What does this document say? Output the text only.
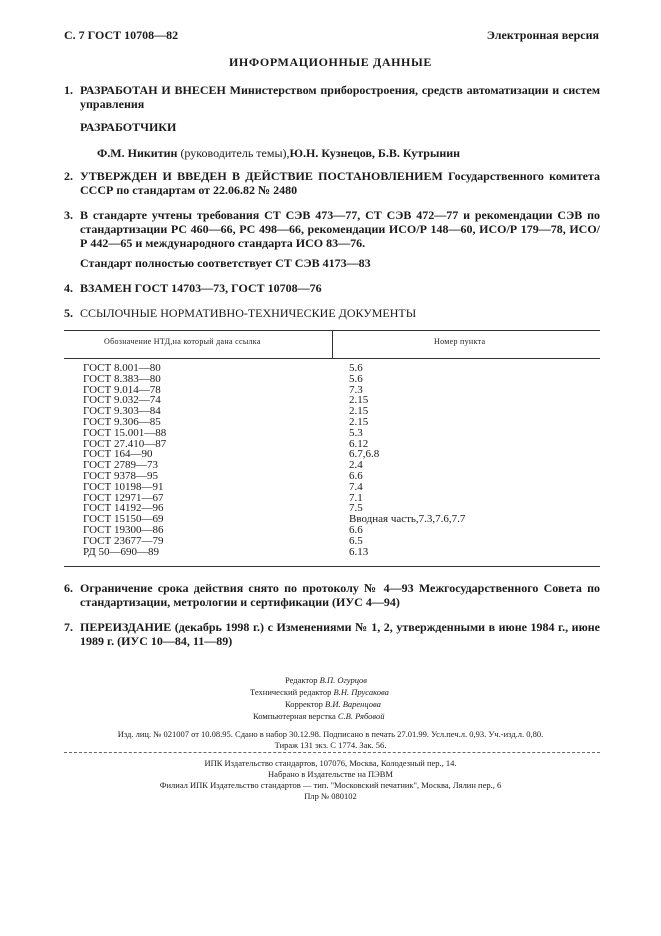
С. 7 ГОСТ 10708—82	Электронная версия
ИНФОРМАЦИОННЫЕ ДАННЫЕ
1. РАЗРАБОТАН И ВНЕСЕН Министерством приборостроения, средств автоматизации и систем управления
РАЗРАБОТЧИКИ
Ф.М. Никитин (руководитель темы),Ю.Н. Кузнецов, Б.В. Кутрынин
2. УТВЕРЖДЕН И ВВЕДЕН В ДЕЙСТВИЕ ПОСТАНОВЛЕНИЕМ Государственного комитета СССР по стандартам от 22.06.82 № 2480
3. В стандарте учтены требования СТ СЭВ 473—77, СТ СЭВ 472—77 и рекомендации СЭВ по стандартизации РС 460—66, РС 498—66, рекомендации ИСО/Р 148—60, ИСО/Р 179—78, ИСО/Р 442—65 и международного стандарта ИСО 83—76.
Стандарт полностью соответствует СТ СЭВ 4173—83
4. ВЗАМЕН ГОСТ 14703—73, ГОСТ 10708—76
5. ССЫЛОЧНЫЕ НОРМАТИВНО-ТЕХНИЧЕСКИЕ ДОКУМЕНТЫ
Обозначение НТД,на который дана ссылка	Номер пункта
ГОСТ 8.001—80
ГОСТ 8.383—80
ГОСТ 9.014—78
ГОСТ 9.032—74
ГОСТ 9.303—84
ГОСТ 9.306—85
ГОСТ 15.001—88
ГОСТ 27.410—87
ГОСТ 164—90
ГОСТ 2789—73
ГОСТ 9378—95
ГОСТ 10198—91
ГОСТ 12971—67
ГОСТ 14192—96
ГОСТ 15150—69
ГОСТ 19300—86
ГОСТ 23677—79
РД 50—690—89
5.6
5.6
7.3
2.15
2.15
2.15
5.3
6.12
6.7,6.8
2.4
6.6
7.4
7.1
7.5
Вводная часть,7.3,7.6,7.7
6.6
6.5
6.13
6. Ограничение срока действия снято по протоколу № 4—93 Межгосударственного Совета по стандартизации, метрологии и сертификации (ИУС 4—94)
7. ПЕРЕИЗДАНИЕ (декабрь 1998 г.) с Изменениями № 1, 2, утвержденными в июне 1984 г., июне 1989 г. (ИУС 10—84, 11—89)
Редактор В.П. Огурцов
Технический редактор В.Н. Прусакова
Корректор В.И. Варенцова
Компьютерная верстка С.В. Рябовой
Изд. лиц. № 021007 от 10.08.95. Сдано в набор 30.12.98. Подписано в печать 27.01.99. Усл.печ.л. 0,93. Уч.-изд.л. 0,80.
Тираж 131 экз. С 1774. Зак. 56.
ИПК Издательство стандартов, 107076, Москва, Колодезный пер., 14.
Набрано в Издательстве на ПЭВМ
Филиал ИПК Издательство стандартов — тип. "Московский печатник", Москва, Лялин пер., 6
Плр № 080102
